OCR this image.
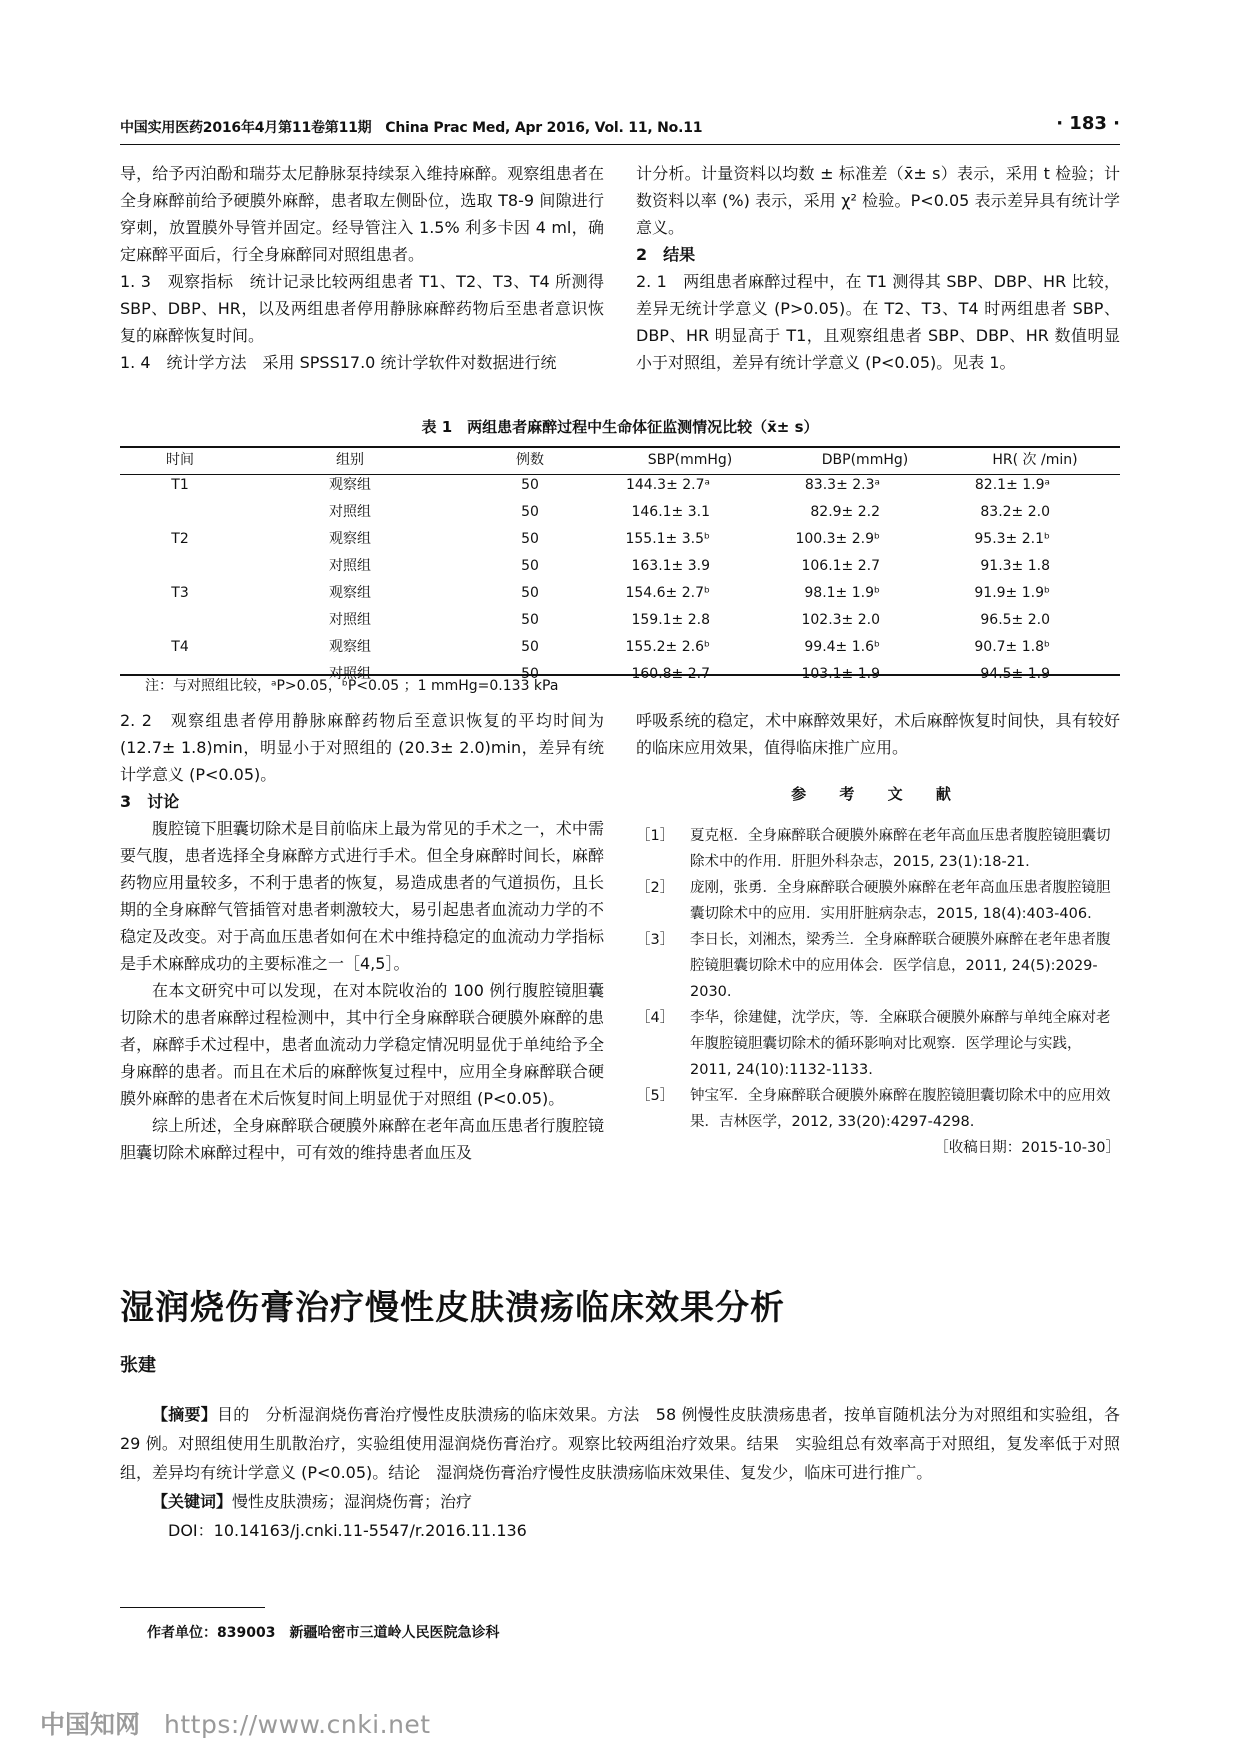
中国实用医药2016年4月第11卷第11期　China Prac Med, Apr 2016, Vol. 11, No.11	· 183 ·

导，给予丙泊酚和瑞芬太尼静脉泵持续泵入维持麻醉。观察组患者在全身麻醉前给予硬膜外麻醉，患者取左侧卧位，选取 T8-9 间隙进行穿刺，放置膜外导管并固定。经导管注入 1.5% 利多卡因 4 ml，确定麻醉平面后，行全身麻醉同对照组患者。

1. 3　观察指标　统计记录比较两组患者 T1、T2、T3、T4 所测得 SBP、DBP、HR，以及两组患者停用静脉麻醉药物后至患者意识恢复的麻醉恢复时间。

1. 4　统计学方法　采用 SPSS17.0 统计学软件对数据进行统

计分析。计量资料以均数 ± 标准差（x̄± s）表示，采用 t 检验；计数资料以率 (%) 表示，采用 χ² 检验。P<0.05 表示差异具有统计学意义。

2　结果

2. 1　两组患者麻醉过程中，在 T1 测得其 SBP、DBP、HR 比较，差异无统计学意义 (P>0.05)。在 T2、T3、T4 时两组患者 SBP、DBP、HR 明显高于 T1，且观察组患者 SBP、DBP、HR 数值明显小于对照组，差异有统计学意义 (P<0.05)。见表 1。

表 1　两组患者麻醉过程中生命体征监测情况比较（x̄± s）
时间	组别	例数	SBP(mmHg)	DBP(mmHg)	HR( 次 /min)
T1	观察组	50	144.3± 2.7ᵃ	83.3± 2.3ᵃ	82.1± 1.9ᵃ
	对照组	50	146.1± 3.1	82.9± 2.2	83.2± 2.0
T2	观察组	50	155.1± 3.5ᵇ	100.3± 2.9ᵇ	95.3± 2.1ᵇ
	对照组	50	163.1± 3.9	106.1± 2.7	91.3± 1.8
T3	观察组	50	154.6± 2.7ᵇ	98.1± 1.9ᵇ	91.9± 1.9ᵇ
	对照组	50	159.1± 2.8	102.3± 2.0	96.5± 2.0
T4	观察组	50	155.2± 2.6ᵇ	99.4± 1.6ᵇ	90.7± 1.8ᵇ
	对照组	50	160.8± 2.7	103.1± 1.9	94.5± 1.9
注：与对照组比较，ᵃP>0.05，ᵇP<0.05 ；1 mmHg=0.133 kPa

2. 2　观察组患者停用静脉麻醉药物后至意识恢复的平均时间为 (12.7± 1.8)min，明显小于对照组的 (20.3± 2.0)min，差异有统计学意义 (P<0.05)。

3　讨论

腹腔镜下胆囊切除术是目前临床上最为常见的手术之一，术中需要气腹，患者选择全身麻醉方式进行手术。但全身麻醉时间长，麻醉药物应用量较多，不利于患者的恢复，易造成患者的气道损伤，且长期的全身麻醉气管插管对患者刺激较大，易引起患者血流动力学的不稳定及改变。对于高血压患者如何在术中维持稳定的血流动力学指标是手术麻醉成功的主要标准之一［4,5］。

在本文研究中可以发现，在对本院收治的 100 例行腹腔镜胆囊切除术的患者麻醉过程检测中，其中行全身麻醉联合硬膜外麻醉的患者，麻醉手术过程中，患者血流动力学稳定情况明显优于单纯给予全身麻醉的患者。而且在术后的麻醉恢复过程中，应用全身麻醉联合硬膜外麻醉的患者在术后恢复时间上明显优于对照组 (P<0.05)。

综上所述，全身麻醉联合硬膜外麻醉在老年高血压患者行腹腔镜胆囊切除术麻醉过程中，可有效的维持患者血压及

呼吸系统的稳定，术中麻醉效果好，术后麻醉恢复时间快，具有较好的临床应用效果，值得临床推广应用。

参 考 文 献
［1］ 夏克枢．全身麻醉联合硬膜外麻醉在老年高血压患者腹腔镜胆囊切除术中的作用．肝胆外科杂志，2015, 23(1):18-21.
［2］ 庞刚，张勇．全身麻醉联合硬膜外麻醉在老年高血压患者腹腔镜胆囊切除术中的应用．实用肝脏病杂志，2015, 18(4):403-406.
［3］ 李日长，刘湘杰，梁秀兰．全身麻醉联合硬膜外麻醉在老年患者腹腔镜胆囊切除术中的应用体会．医学信息，2011, 24(5):2029-2030.
［4］ 李华，徐建健，沈学庆，等．全麻联合硬膜外麻醉与单纯全麻对老年腹腔镜胆囊切除术的循环影响对比观察．医学理论与实践，2011, 24(10):1132-1133.
［5］ 钟宝军．全身麻醉联合硬膜外麻醉在腹腔镜胆囊切除术中的应用效果．吉林医学，2012, 33(20):4297-4298.
［收稿日期：2015-10-30］
湿润烧伤膏治疗慢性皮肤溃疡临床效果分析
张建

【摘要】目的　分析湿润烧伤膏治疗慢性皮肤溃疡的临床效果。方法　58 例慢性皮肤溃疡患者，按单盲随机法分为对照组和实验组，各 29 例。对照组使用生肌散治疗，实验组使用湿润烧伤膏治疗。观察比较两组治疗效果。结果　实验组总有效率高于对照组，复发率低于对照组，差异均有统计学意义 (P<0.05)。结论　湿润烧伤膏治疗慢性皮肤溃疡临床效果佳、复发少，临床可进行推广。

【关键词】慢性皮肤溃疡；湿润烧伤膏；治疗

DOI：10.14163/j.cnki.11-5547/r.2016.11.136

作者单位：839003　新疆哈密市三道岭人民医院急诊科
中国知网 https://www.cnki.net
